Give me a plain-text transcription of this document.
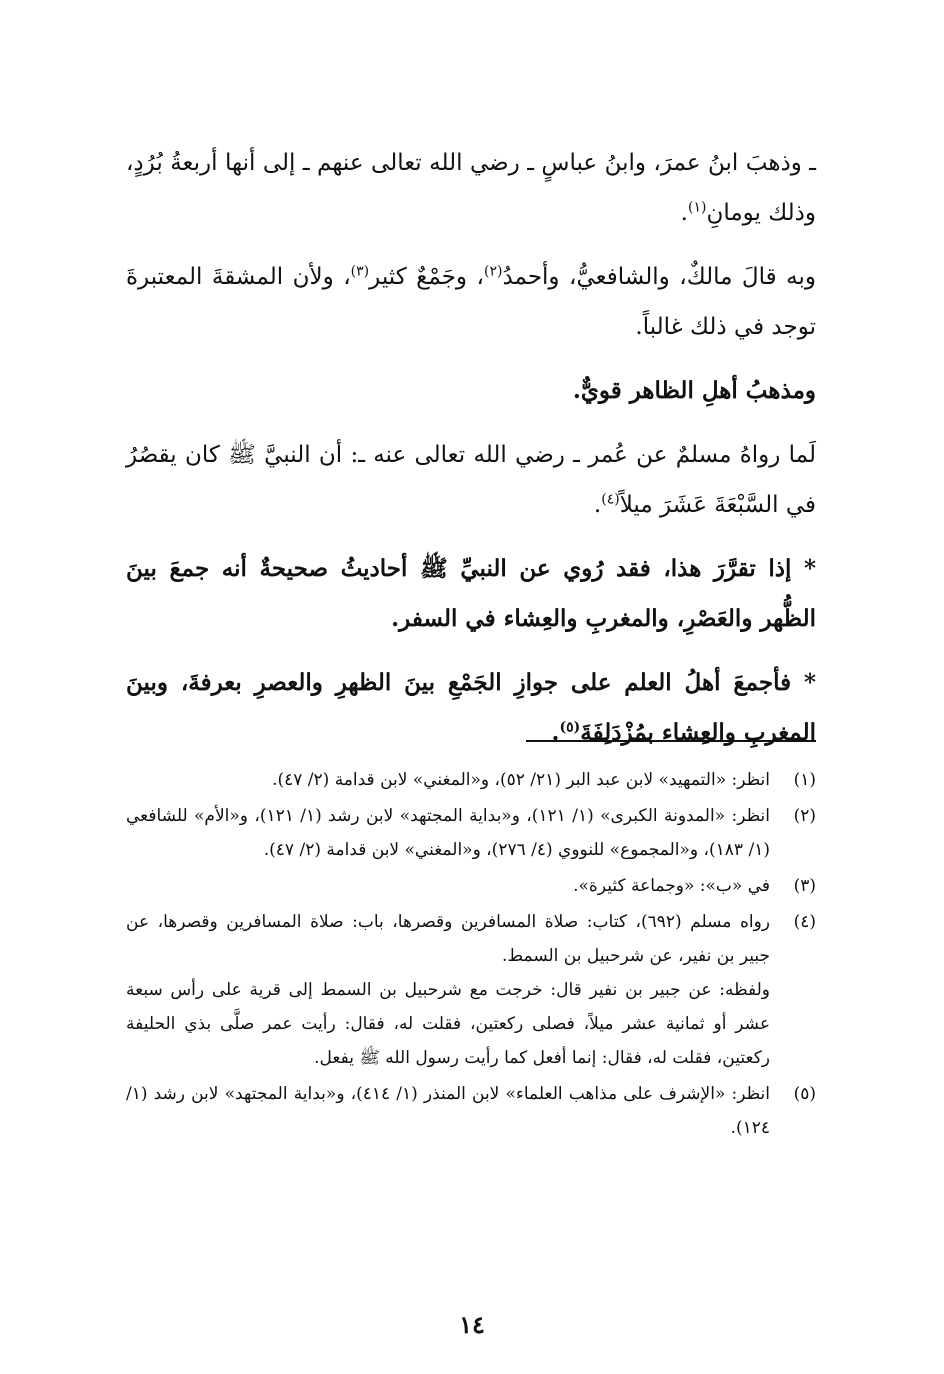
ـ وذهبَ ابنُ عمرَ، وابنُ عباسٍ ـ رضي الله تعالى عنهم ـ إلى أنها أربعةُ بُرُدٍ، وذلك يومانِ$^{(١)}$.

وبه قالَ مالكٌ، والشافعيُّ، وأحمدُ$^{(٢)}$، وجَمْعٌ كثير$^{(٣)}$، ولأن المشقةَ المعتبرةَ توجد في ذلك غالباً.

ومذهبُ أهلِ الظاهر قويٌّ.

لَما رواهُ مسلمٌ عن عُمر ـ رضي الله تعالى عنه ـ: أن النبيَّ ﷺ كان يقصُرُ في السَّبْعَةَ عَشَرَ ميلاً$^{(٤)}$.

* إذا تقرَّرَ هذا، فقد رُوي عن النبيِّ ﷺ أحاديثُ صحيحةٌ أنه جمعَ بينَ الظُّهر والعَصْرِ، والمغربِ والعِشاء في السفر.

* فأجمعَ أهلُ العلم على جوازِ الجَمْعِ بينَ الظهرِ والعصرِ بعرفةَ، وبينَ المغربِ والعِشاء بمُزْدَلِفَةَ$^{(٥)}$.

(١)
انظر: «التمهيد» لابن عبد البر (٢١/ ٥٢)، و«المغني» لابن قدامة (٢/ ٤٧).
(٢)
انظر: «المدونة الكبرى» (١/ ١٢١)، و«بداية المجتهد» لابن رشد (١/ ١٢١)، و«الأم» للشافعي (١/ ١٨٣)، و«المجموع» للنووي (٤/ ٢٧٦)، و«المغني» لابن قدامة (٢/ ٤٧).
(٣)
في «ب»: «وجماعة كثيرة».
(٤)
رواه مسلم (٦٩٢)، كتاب: صلاة المسافرين وقصرها، باب: صلاة المسافرين وقصرها، عن جبير بن نفير، عن شرحبيل بن السمط.
ولفظه: عن جبير بن نفير قال: خرجت مع شرحبيل بن السمط إلى قرية على رأس سبعة عشر أو ثمانية عشر ميلاً، فصلى ركعتين، فقلت له، فقال: رأيت عمر صلَّى بذي الحليفة ركعتين، فقلت له، فقال: إنما أفعل كما رأيت رسول الله ﷺ يفعل.
(٥)
انظر: «الإشرف على مذاهب العلماء» لابن المنذر (١/ ٤١٤)، و«بداية المجتهد» لابن رشد (١/ ١٢٤).
١٤
